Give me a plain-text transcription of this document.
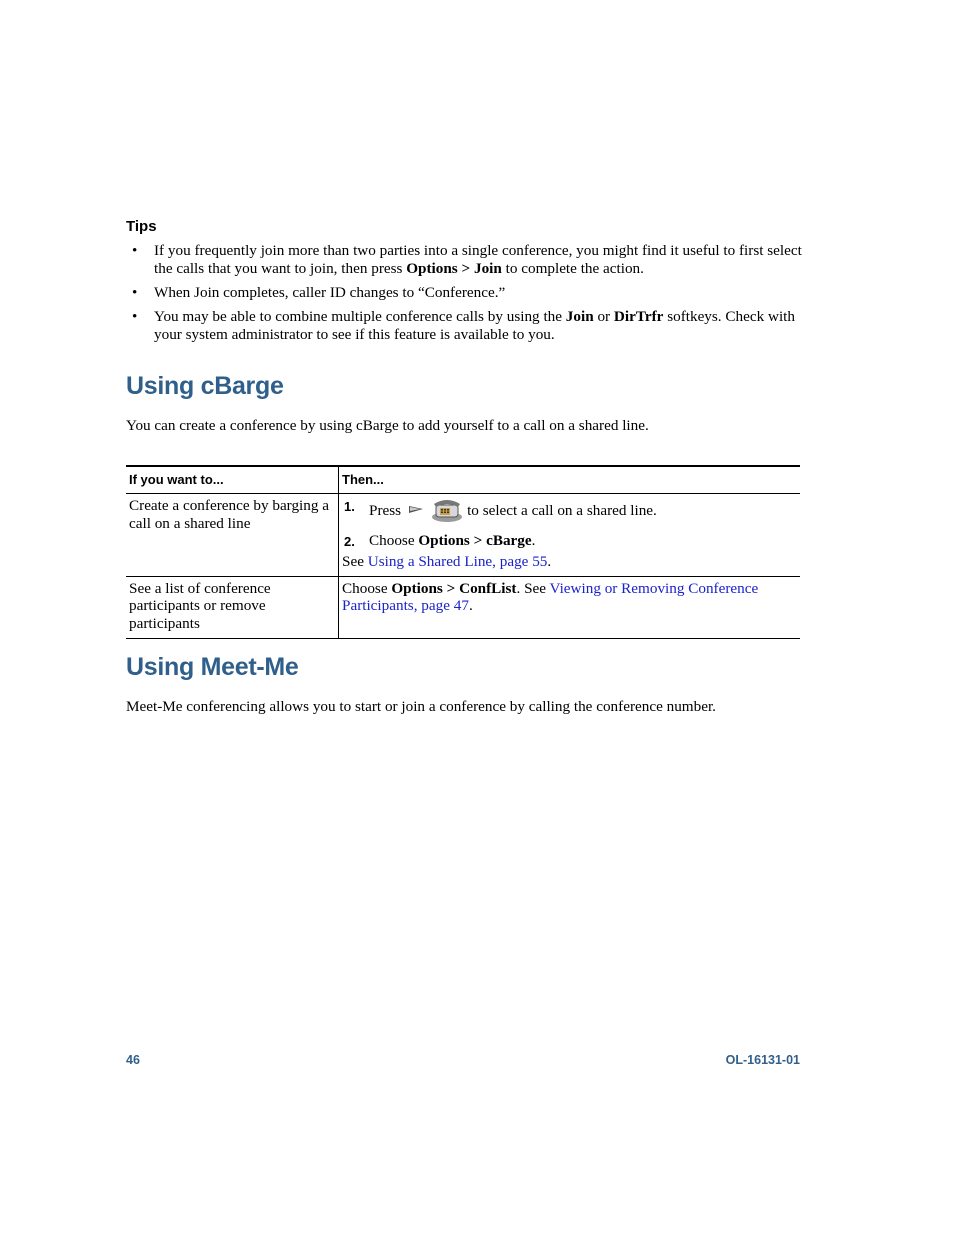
Tips
• If you frequently join more than two parties into a single conference, you might find it useful to first select the calls that you want to join, then press Options > Join to complete the action.
• When Join completes, caller ID changes to “Conference.”
• You may be able to combine multiple conference calls by using the Join or DirTrfr softkeys. Check with your system administrator to see if this feature is available to you.
Using cBarge
You can create a conference by using cBarge to add yourself to a call on a shared line.
If you want to...	Then...
Create a conference by barging a call on a shared line	1. Press to select a call on a shared line.
2. Choose Options > cBarge.
See Using a Shared Line, page 55.

See a list of conference participants or remove participants	Choose Options > ConfList. See Viewing or Removing Conference Participants, page 47.
Using Meet-Me
Meet-Me conferencing allows you to start or join a conference by calling the conference number.
46	OL-16131-01
